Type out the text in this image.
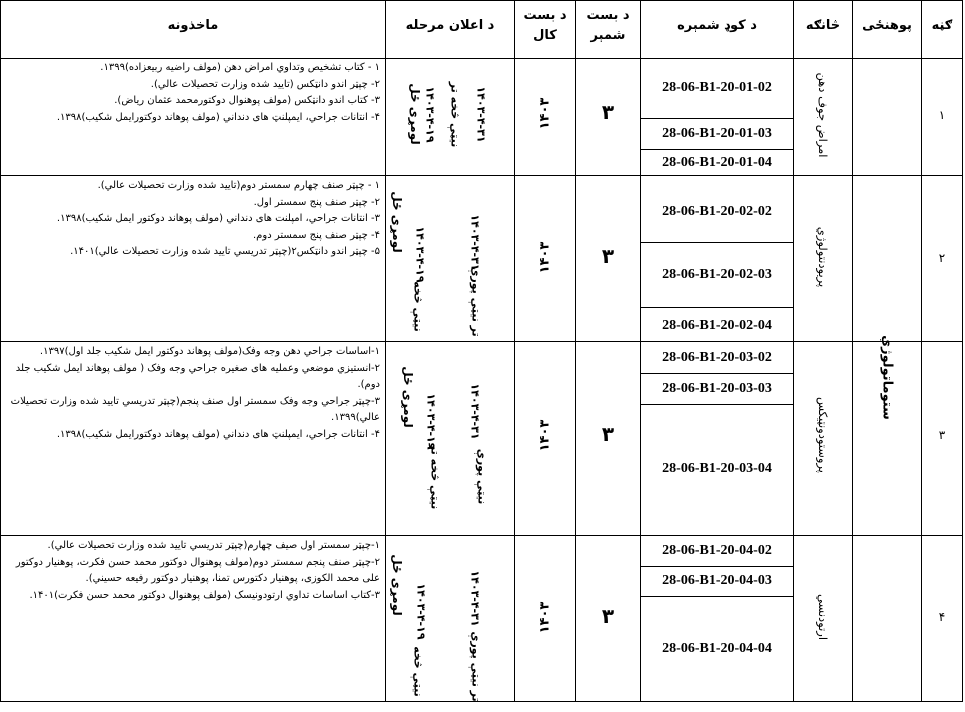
ګڼه
پوهنځی
څانګه
د کوډ شمېره
د بست شمېر
د بست کال
د اعلان مرحله
ماخذونه
ستوماتولوژي
۱
امراض جوف دهن
28-06-B1-20-01-02
28-06-B1-20-01-03
28-06-B1-20-01-04
۳
۱۴۰۳
لومړی ځل ۱۴۰۳-۴-۱۹ نیټې څخه تر ۱۴۰۳-۴-۳۱
۱ - کتاب تشخیص وتداوي امراض دهن (مولف راضیه ربیعزاده)۱۳۹۹.
۲- چپټر اندو دانټکس (تایید شده وزارت تحصیلات عالي).
۳- کتاب اندو دانټکس (مولف پوهنوال دوکتورمحمد عثمان ریاض).
۴- انتانات جراحي، ایمپلنټ های دنداني (مولف پوهاند دوکتورایمل شکیب)۱۳۹۸.
۲
پریودنتولوژي
28-06-B1-20-02-02
28-06-B1-20-02-03
28-06-B1-20-02-04
۳
۱۴۰۳
لومړی ځل
۱۴۰۳-۴-۱۹
نیټې څخه
۱۴۰۳-۴-۳۱
تر نیټې پورې
۱ - چپټر صنف چهارم سمستر دوم(تایید شده وزارت تحصیلات عالي).
۲- چپټر صنف پنج سمستر اول.
۳- انتانات جراحي، امپلنت های دنداني (مولف پوهاند دوکتور ایمل شکیب)۱۳۹۸.
۴- چپټر صنف پنج سمستر دوم.
۵- چپټر اندو دانټکس۲(چپټر تدریسي تایید شده وزارت تحصیلات عالي)۱۴۰۱.
۳
پروستودونټیکس
28-06-B1-20-03-02
28-06-B1-20-03-03
28-06-B1-20-03-04
۳
۱۴۰۳
لومړی ځل ۱۴۰۳-۴-۱۹
نیټې څخه تر
۱۴۰۳-۴-۳۱
نیټې پورې
۱-اساسات جراحي دهن وجه وفک(مولف پوهاند دوکتور ایمل شکیب جلد اول)۱۳۹۷.
۲-انستیزي موضعي وعملیه های صغیره جراحي وجه وفک ( مولف پوهاند ایمل شکیب جلد دوم).
۳-چپټر جراحي وجه وفک سمستر اول صنف پنجم(چپټر تدریسي تایید شده وزارت تحصیلات عالي)۱۳۹۹.
۴- انتانات جراحي، ایمپلنټ های دنداني (مولف پوهاند دوکتورایمل شکیب)۱۳۹۸.
۴
ارتودنسي
28-06-B1-20-04-02
28-06-B1-20-04-03
28-06-B1-20-04-04
۳
۱۴۰۳
لومړی ځل ۱۴۰۳-۴-۱۹
نیټې څخه
۱۴۰۳-۴-۳۱
تر نیټې پورې
۱-چپټر سمستر اول صیف چهارم(چپټر تدریسي تایید شده وزارت تحصیلات عالي).
۲-چپټر صنف پنجم سمستر دوم(مولف پوهنوال دوکتور محمد حسن فکرت، پوهنیار دوکتور علی محمد الکوزی، پوهنیار دکتورس تمنا، پوهنیار دوکتور رفیعه حسیني).
۳-کتاب اساسات تداوي ارتودونیسک (مولف پوهنوال دوکتور محمد حسن فکرت)۱۴۰۱.
